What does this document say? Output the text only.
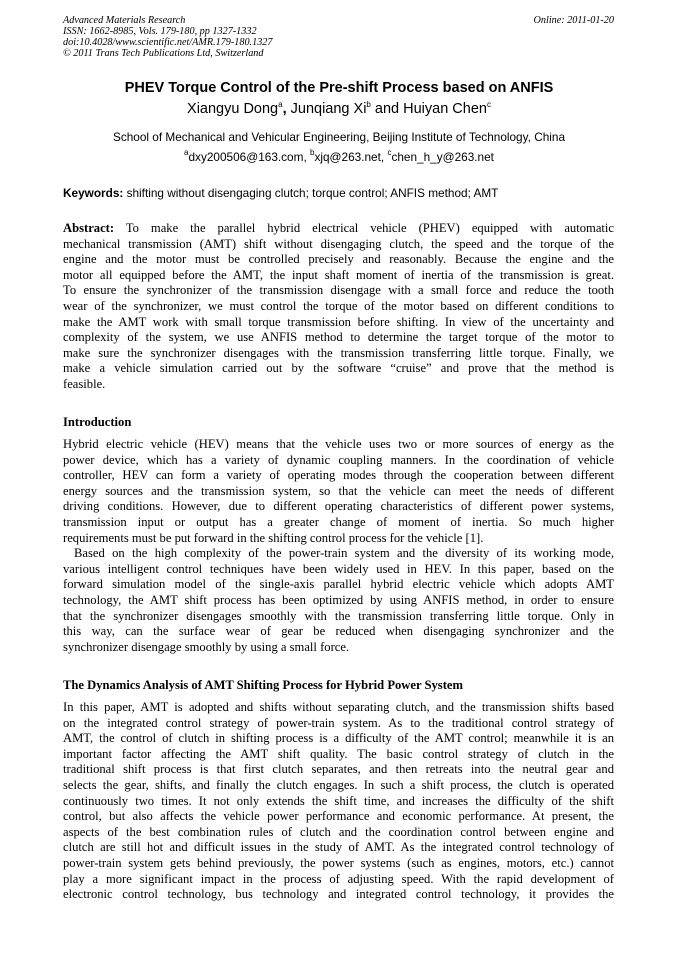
Advanced Materials Research
ISSN: 1662-8985, Vols. 179-180, pp 1327-1332
doi:10.4028/www.scientific.net/AMR.179-180.1327
© 2011 Trans Tech Publications Ltd, Switzerland
Online: 2011-01-20
PHEV Torque Control of the Pre-shift Process based on ANFIS
Xiangyu Dong$^a$, Junqiang Xi$^b$ and Huiyan Chen$^c$
School of Mechanical and Vehicular Engineering, Beijing Institute of Technology, China
$^a$dxy200506@163.com, $^b$xjq@263.net, $^c$chen_h_y@263.net
Keywords: shifting without disengaging clutch; torque control; ANFIS method; AMT
Abstract: To make the parallel hybrid electrical vehicle (PHEV) equipped with automatic
mechanical transmission (AMT) shift without disengaging clutch, the speed and the torque of the
engine and the motor must be controlled precisely and reasonably. Because the engine and the
motor all equipped before the AMT, the input shaft moment of inertia of the transmission is great.
To ensure the synchronizer of the transmission disengage with a small force and reduce the tooth
wear of the synchronizer, we must control the torque of the motor based on different conditions to
make the AMT work with small torque transmission before shifting. In view of the uncertainty and
complexity of the system, we use ANFIS method to determine the target torque of the motor to
make sure the synchronizer disengages with the transmission transferring little torque. Finally, we
make a vehicle simulation carried out by the software “cruise” and prove that the method is
feasible.
Introduction
Hybrid electric vehicle (HEV) means that the vehicle uses two or more sources of energy as the
power device, which has a variety of dynamic coupling manners. In the coordination of vehicle
controller, HEV can form a variety of operating modes through the cooperation between different
energy sources and the transmission system, so that the vehicle can meet the needs of different
driving conditions. However, due to different operating characteristics of different power systems,
transmission input or output has a greater change of moment of inertia. So much higher
requirements must be put forward in the shifting control process for the vehicle [1].
Based on the high complexity of the power-train system and the diversity of its working mode,
various intelligent control techniques have been widely used in HEV. In this paper, based on the
forward simulation model of the single-axis parallel hybrid electric vehicle which adopts AMT
technology, the AMT shift process has been optimized by using ANFIS method, in order to ensure
that the synchronizer disengages smoothly with the transmission transferring little torque. Only in
this way, can the surface wear of gear be reduced when disengaging synchronizer and the
synchronizer disengage smoothly by using a small force.
The Dynamics Analysis of AMT Shifting Process for Hybrid Power System
In this paper, AMT is adopted and shifts without separating clutch, and the transmission shifts based
on the integrated control strategy of power-train system. As to the traditional control strategy of
AMT, the control of clutch in shifting process is a difficulty of the AMT control; meanwhile it is an
important factor affecting the AMT shift quality. The basic control strategy of clutch in the
traditional shift process is that first clutch separates, and then retreats into the neutral gear and
selects the gear, shifts, and finally the clutch engages. In such a shift process, the clutch is operated
continuously two times. It not only extends the shift time, and increases the difficulty of the shift
control, but also affects the vehicle power performance and economic performance. At present, the
aspects of the best combination rules of clutch and the coordination control between engine and
clutch are still hot and difficult issues in the study of AMT. As the integrated control technology of
power-train system gets behind previously, the power systems (such as engines, motors, etc.) cannot
play a more significant impact in the process of adjusting speed. With the rapid development of
electronic control technology, bus technology and integrated control technology, it provides the
